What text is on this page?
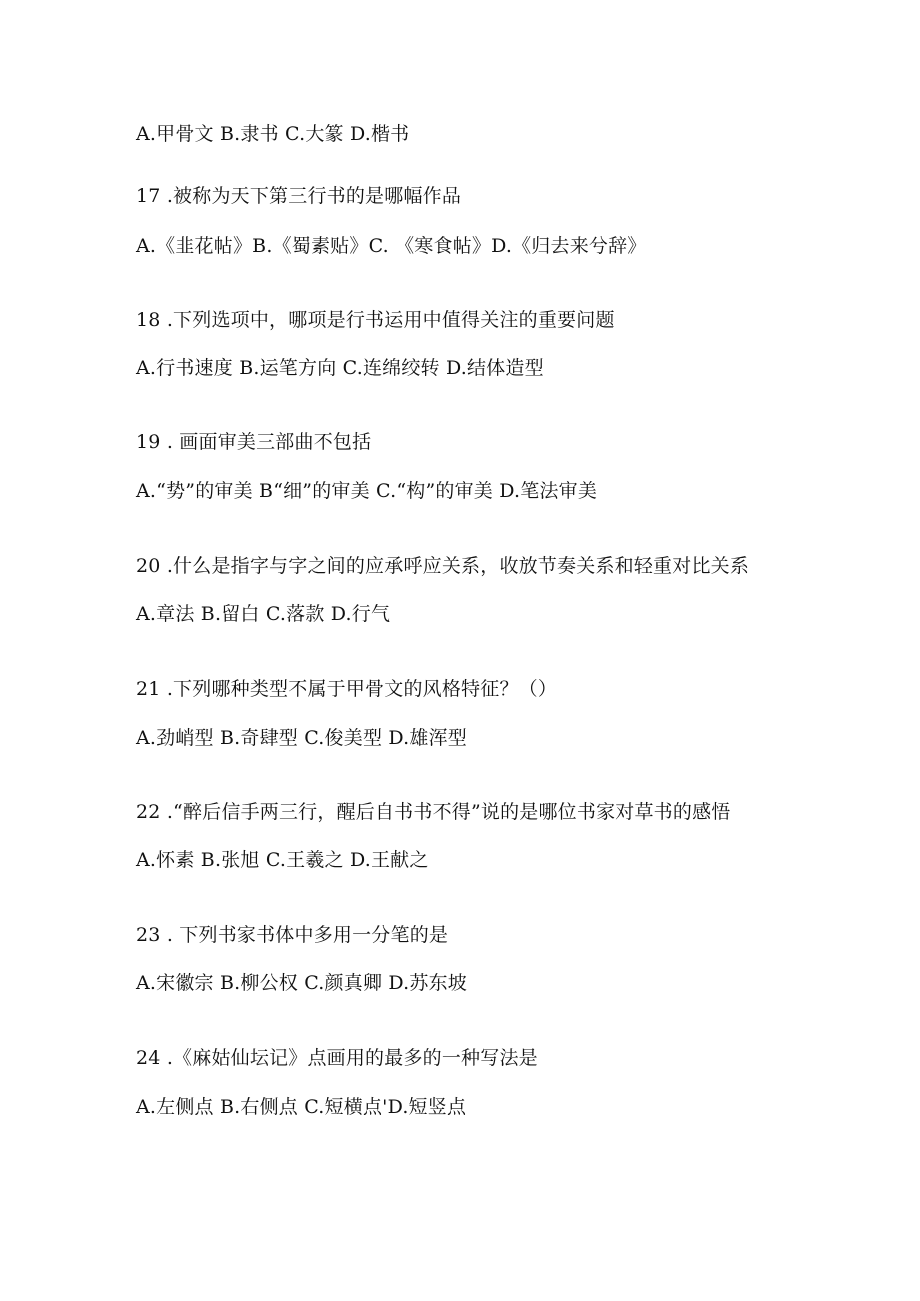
A.甲骨文 B.隶书 C.大篆 D.楷书
17 .被称为天下第三行书的是哪幅作品
A.《韭花帖》B.《蜀素贴》C. 《寒食帖》D.《归去来兮辞》
18 .下列选项中，哪项是行书运用中值得关注的重要问题
A.行书速度 B.运笔方向 C.连绵绞转 D.结体造型
19 . 画面审美三部曲不包括
A.“势”的审美 B“细”的审美 C.“构”的审美 D.笔法审美
20 .什么是指字与字之间的应承呼应关系，收放节奏关系和轻重对比关系
A.章法 B.留白 C.落款 D.行气
21 .下列哪种类型不属于甲骨文的风格特征？（）
A.劲峭型 B.奇肆型 C.俊美型 D.雄浑型
22 .“醉后信手两三行，醒后自书书不得”说的是哪位书家对草书的感悟
A.怀素 B.张旭 C.王羲之 D.王献之
23 . 下列书家书体中多用一分笔的是
A.宋徽宗 B.柳公权 C.颜真卿 D.苏东坡
24 .《麻姑仙坛记》点画用的最多的一种写法是
A.左侧点 B.右侧点 C.短横点'D.短竖点
